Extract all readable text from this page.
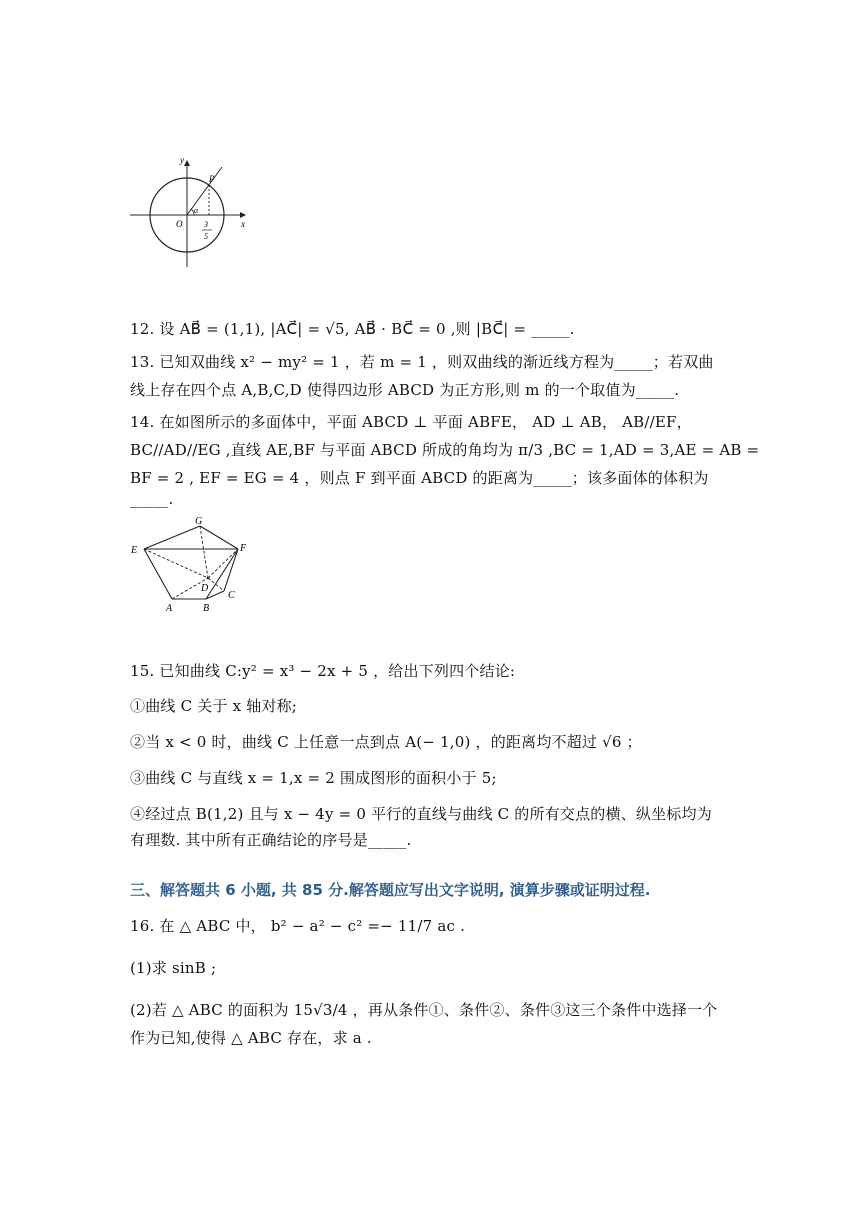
y
x
O
P
α
3
5
12. 设 AB⃗ = (1,1), |AC⃗| = √5, AB⃗ · BC⃗ = 0 ,则 |BC⃗| = _____.
13. 已知双曲线 x² − my² = 1 ，若 m = 1 ，则双曲线的渐近线方程为_____；若双曲
线上存在四个点 A,B,C,D 使得四边形 ABCD 为正方形,则 m 的一个取值为_____.
14. 在如图所示的多面体中，平面 ABCD ⊥ 平面 ABFE， AD ⊥ AB， AB//EF，
BC//AD//EG ,直线 AE,BF 与平面 ABCD 所成的角均为 π/3 ,BC = 1,AD = 3,AE = AB =
BF = 2 , EF = EG = 4 ，则点 F 到平面 ABCD 的距离为_____；该多面体的体积为
_____.
G
E	F
D
A	B
C
15. 已知曲线 C:y² = x³ − 2x + 5 ，给出下列四个结论:
①曲线 C 关于 x 轴对称;
②当 x < 0 时，曲线 C 上任意一点到点 A(− 1,0) ，的距离均不超过 √6 ；
③曲线 C 与直线 x = 1,x = 2 围成图形的面积小于 5;
④经过点 B(1,2) 且与 x − 4y = 0 平行的直线与曲线 C 的所有交点的横、纵坐标均为
有理数. 其中所有正确结论的序号是_____.
三、解答题共 6 小题, 共 85 分.解答题应写出文字说明, 演算步骤或证明过程.
16. 在 △ ABC 中， b² − a² − c² =− 11/7 ac .
(1)求 sinB ;
(2)若 △ ABC 的面积为 15√3/4 ，再从条件①、条件②、条件③这三个条件中选择一个
作为已知,使得 △ ABC 存在，求 a .
